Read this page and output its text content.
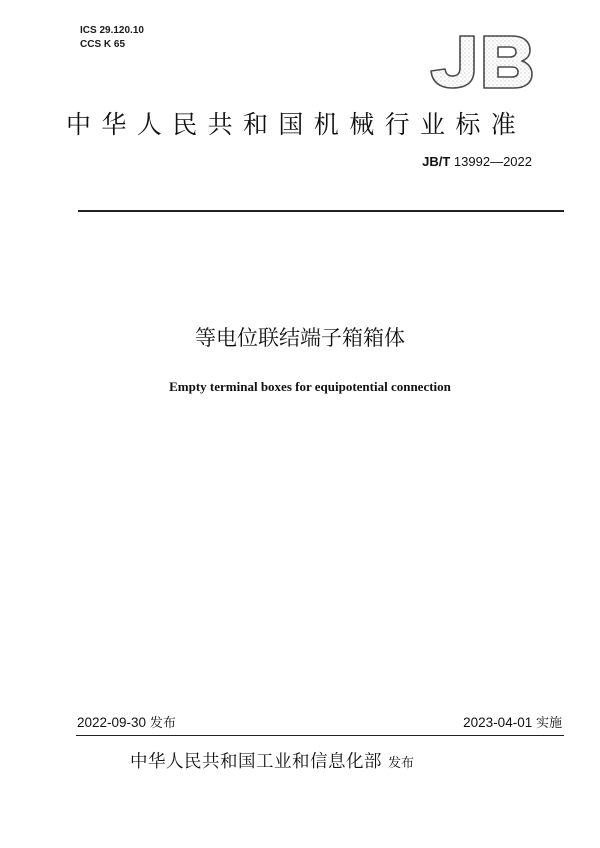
ICS 29.120.10
CCS K 65
中华人民共和国机械行业标准
JB/T 13992—2022
等电位联结端子箱箱体
Empty terminal boxes for equipotential connection
2022-09-30 发布	2023-04-01 实施
中华人民共和国工业和信息化部 发布
